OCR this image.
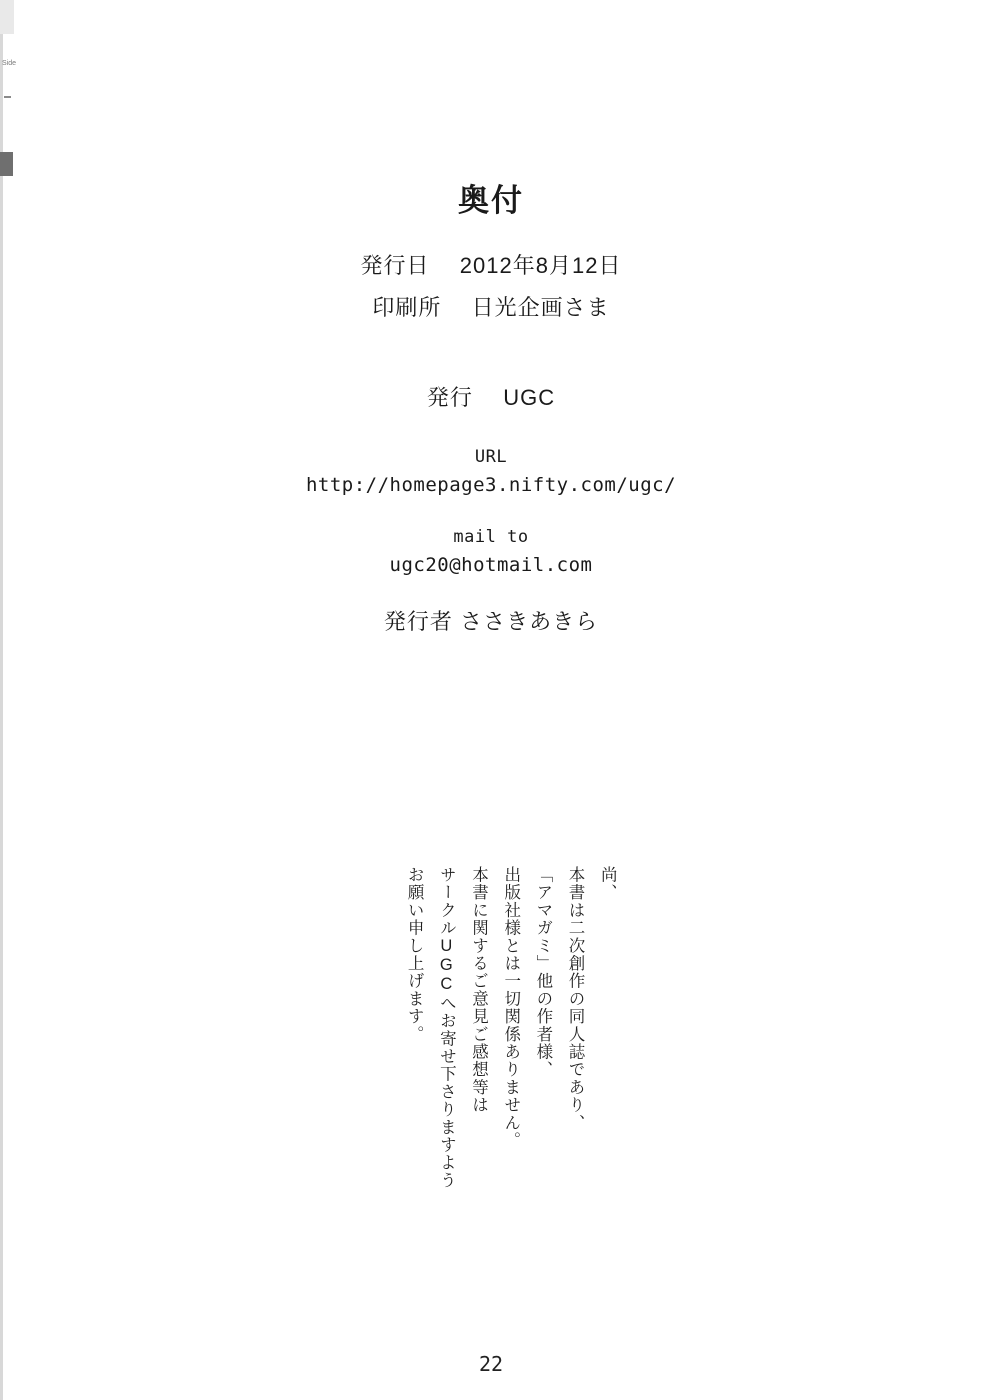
Side
奥付

発行日 2012年8月12日

印刷所 日光企画さま

発行 UGC

URL

http://homepage3.nifty.com/ugc/

mail to

ugc20@hotmail.com

発行者 ささきあきら

尚、

本書は二次創作の同人誌であり、

「アマガミ」他の作者様、

出版社様とは一切関係ありません。

本書に関するご意見ご感想等は

サークルUGCへお寄せ下さりますよう

お願い申し上げます。

22
